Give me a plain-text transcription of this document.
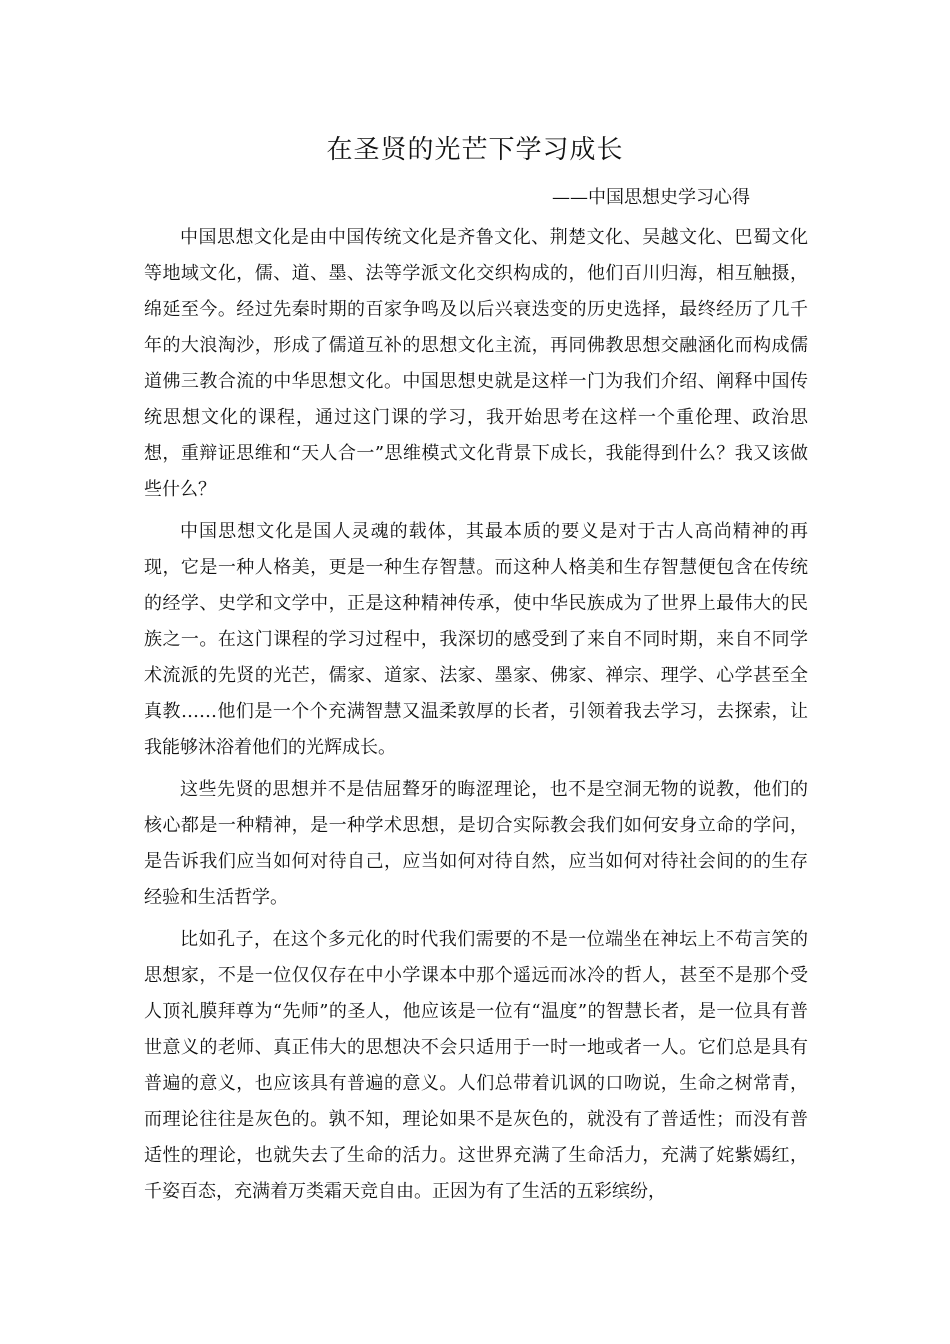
在圣贤的光芒下学习成长
——中国思想史学习心得

中国思想文化是由中国传统文化是齐鲁文化、荆楚文化、吴越文化、巴蜀文化等地域文化，儒、道、墨、法等学派文化交织构成的，他们百川归海，相互触摄，绵延至今。经过先秦时期的百家争鸣及以后兴衰迭变的历史选择，最终经历了几千年的大浪淘沙，形成了儒道互补的思想文化主流，再同佛教思想交融涵化而构成儒道佛三教合流的中华思想文化。中国思想史就是这样一门为我们介绍、阐释中国传统思想文化的课程，通过这门课的学习，我开始思考在这样一个重伦理、政治思想，重辩证思维和“天人合一”思维模式文化背景下成长，我能得到什么？我又该做些什么？

中国思想文化是国人灵魂的载体，其最本质的要义是对于古人高尚精神的再现，它是一种人格美，更是一种生存智慧。而这种人格美和生存智慧便包含在传统的经学、史学和文学中，正是这种精神传承，使中华民族成为了世界上最伟大的民族之一。在这门课程的学习过程中，我深切的感受到了来自不同时期，来自不同学术流派的先贤的光芒，儒家、道家、法家、墨家、佛家、禅宗、理学、心学甚至全真教……他们是一个个充满智慧又温柔敦厚的长者，引领着我去学习，去探索，让我能够沐浴着他们的光辉成长。

这些先贤的思想并不是佶屈聱牙的晦涩理论，也不是空洞无物的说教，他们的核心都是一种精神，是一种学术思想，是切合实际教会我们如何安身立命的学问，是告诉我们应当如何对待自己，应当如何对待自然，应当如何对待社会间的的生存经验和生活哲学。

比如孔子，在这个多元化的时代我们需要的不是一位端坐在神坛上不苟言笑的思想家，不是一位仅仅存在中小学课本中那个遥远而冰冷的哲人，甚至不是那个受人顶礼膜拜尊为“先师”的圣人，他应该是一位有“温度”的智慧长者，是一位具有普世意义的老师、真正伟大的思想决不会只适用于一时一地或者一人。它们总是具有普遍的意义，也应该具有普遍的意义。人们总带着讥讽的口吻说，生命之树常青，而理论往往是灰色的。孰不知，理论如果不是灰色的，就没有了普适性；而没有普适性的理论，也就失去了生命的活力。这世界充满了生命活力，充满了姹紫嫣红，千姿百态，充满着万类霜天竞自由。正因为有了生活的五彩缤纷，
